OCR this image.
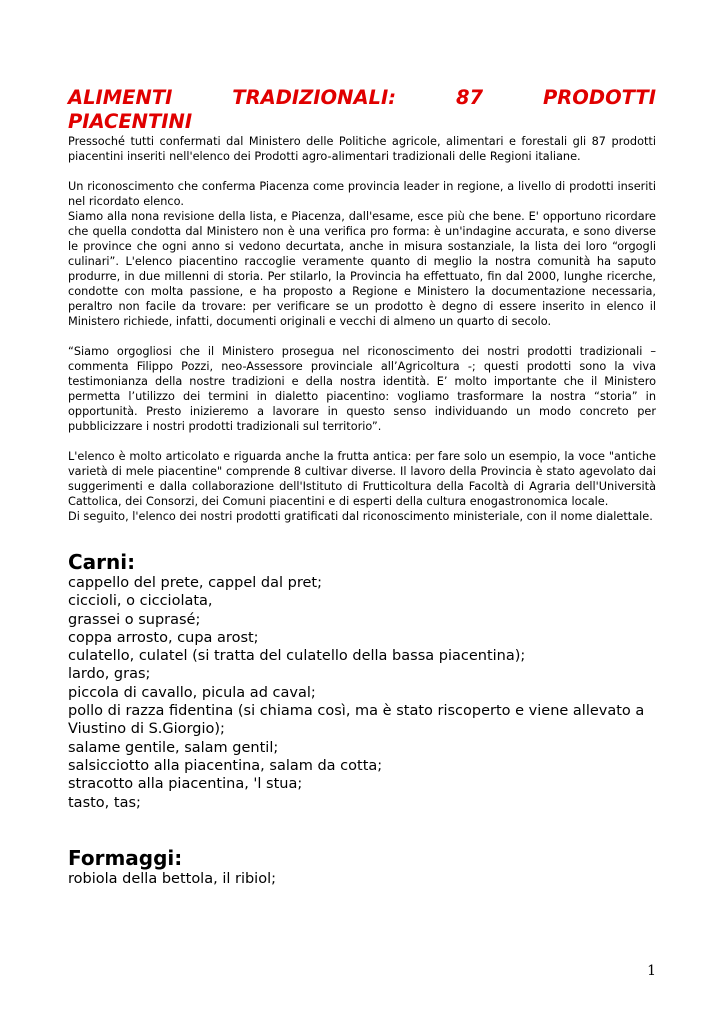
ALIMENTI	TRADIZIONALI:	87	PRODOTTI
PIACENTINI

Pressoché tutti confermati dal Ministero delle Politiche agricole, alimentari e forestali gli 87 prodotti piacentini inseriti nell'elenco dei Prodotti agro-alimentari tradizionali delle Regioni italiane.

Un riconoscimento che conferma Piacenza come provincia leader in regione, a livello di prodotti inseriti nel ricordato elenco.

Siamo alla nona revisione della lista, e Piacenza, dall'esame, esce più che bene. E' opportuno ricordare che quella condotta dal Ministero non è una verifica pro forma: è un'indagine accurata, e sono diverse le province che ogni anno si vedono decurtata, anche in misura sostanziale, la lista dei loro “orgogli culinari”. L'elenco piacentino raccoglie veramente quanto di meglio la nostra comunità ha saputo produrre, in due millenni di storia. Per stilarlo, la Provincia ha effettuato, fin dal 2000, lunghe ricerche, condotte con molta passione, e ha proposto a Regione e Ministero la documentazione necessaria, peraltro non facile da trovare: per verificare se un prodotto è degno di essere inserito in elenco il Ministero richiede, infatti, documenti originali e vecchi di almeno un quarto di secolo.

“Siamo orgogliosi che il Ministero prosegua nel riconoscimento dei nostri prodotti tradizionali – commenta Filippo Pozzi, neo-Assessore provinciale all’Agricoltura -; questi prodotti sono la viva testimonianza della nostre tradizioni e della nostra identità. E’ molto importante che il Ministero permetta l’utilizzo dei termini in dialetto piacentino: vogliamo trasformare la nostra “storia” in opportunità. Presto inizieremo a lavorare in questo senso individuando un modo concreto per pubblicizzare i nostri prodotti tradizionali sul territorio”.

L'elenco è molto articolato e riguarda anche la frutta antica: per fare solo un esempio, la voce "antiche varietà di mele piacentine" comprende 8 cultivar diverse. Il lavoro della Provincia è stato agevolato dai suggerimenti e dalla collaborazione dell'Istituto di Frutticoltura della Facoltà di Agraria dell'Università Cattolica, dei Consorzi, dei Comuni piacentini e di esperti della cultura enogastronomica locale.

Di seguito, l'elenco dei nostri prodotti gratificati dal riconoscimento ministeriale, con il nome dialettale.

Carni:
cappello del prete, cappel dal pret;
ciccioli, o cicciolata,
grassei o suprasé;
coppa arrosto, cupa arost;
culatello, culatel (si tratta del culatello della bassa piacentina);
lardo, gras;
piccola di cavallo, picula ad caval;
pollo di razza fidentina (si chiama così, ma è stato riscoperto e viene allevato a Viustino di S.Giorgio);
salame gentile, salam gentil;
salsicciotto alla piacentina, salam da cotta;
stracotto alla piacentina, 'l stua;
tasto, tas;
Formaggi:
robiola della bettola, il ribiol;
1
